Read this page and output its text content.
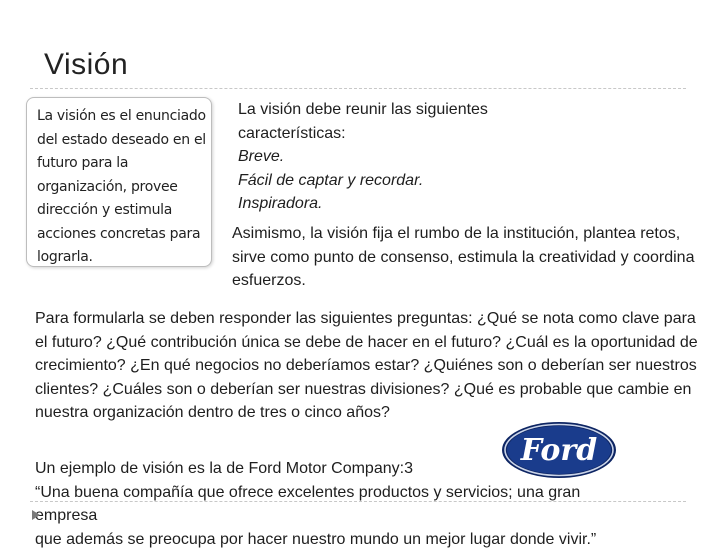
Visión
La visión es el enunciado del estado deseado en el futuro para la organización, provee dirección y estimula acciones concretas para lograrla.
La visión debe reunir las siguientes
características:
Breve.
Fácil de captar y recordar.
Inspiradora.
Asimismo, la visión fija el rumbo de la institución, plantea retos, sirve como punto de consenso, estimula la creatividad y coordina esfuerzos.
Para formularla se deben responder las siguientes preguntas: ¿Qué se nota como clave para el futuro? ¿Qué contribución única se debe de hacer en el futuro? ¿Cuál es la oportunidad de crecimiento? ¿En qué negocios no deberíamos estar? ¿Quiénes son o deberían ser nuestros clientes? ¿Cuáles son o deberían ser nuestras divisiones? ¿Qué es probable que cambie en nuestra organización dentro de tres o cinco años?
Ford
Un ejemplo de visión es la de Ford Motor Company:3
“Una buena compañía que ofrece excelentes productos y servicios; una gran
empresa
que además se preocupa por hacer nuestro mundo un mejor lugar donde vivir.”
